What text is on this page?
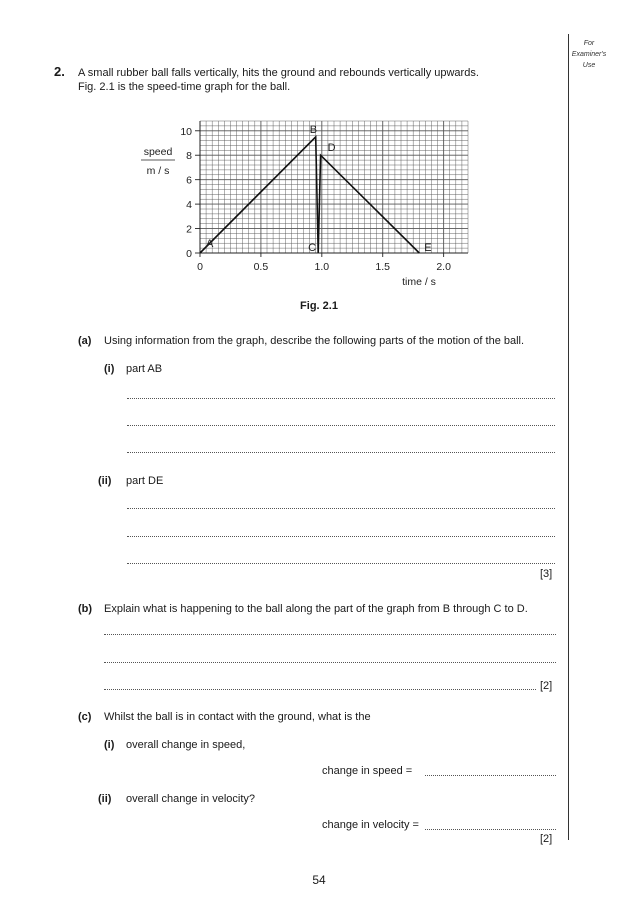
For
Examiner's
Use
2. A small rubber ball falls vertically, hits the ground and rebounds vertically upwards.
Fig. 2.1 is the speed-time graph for the ball.
0
2
4
6
8
10
0	0.5	1.0	1.5	2.0
speed
m / s
time / s
A
B
C
D
E
Fig. 2.1
(a) Using information from the graph, describe the following parts of the motion of the ball.
(i) part AB
(ii) part DE
[3]
(b) Explain what is happening to the ball along the part of the graph from B through C to D.
[2]
(c) Whilst the ball is in contact with the ground, what is the
(i) overall change in speed,
change in speed =
(ii) overall change in velocity?
change in velocity =
[2]
54
